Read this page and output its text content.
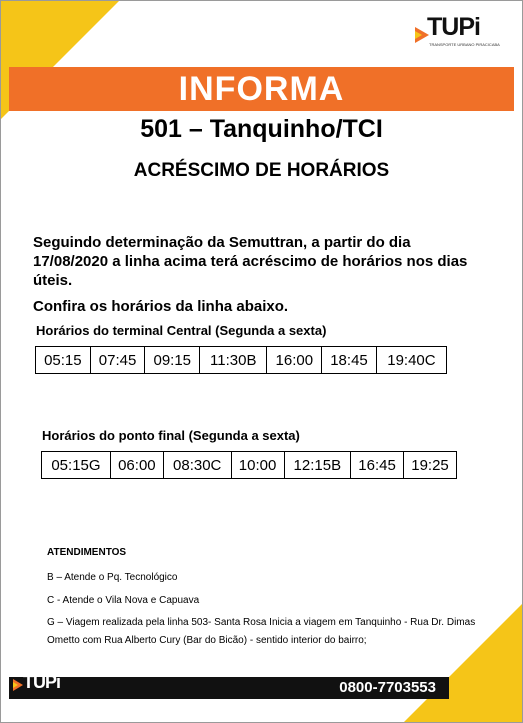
TUPi
TRANSPORTE URBANO PIRACICABA
INFORMA
501 – Tanquinho/TCI
ACRÉSCIMO DE HORÁRIOS
Seguindo determinação da Semuttran, a partir do dia 17/08/2020 a linha acima terá acréscimo de horários nos dias úteis.
Confira os horários da linha abaixo.
Horários do terminal Central (Segunda a sexta)
05:15	07:45	09:15	11:30B	16:00	18:45	19:40C
Horários do ponto final (Segunda a sexta)
05:15G	06:00	08:30C	10:00	12:15B	16:45	19:25
ATENDIMENTOS
B – Atende o Pq. Tecnológico
C - Atende o Vila Nova e Capuava
G – Viagem realizada pela linha 503- Santa Rosa Inicia a viagem em Tanquinho - Rua Dr. Dimas Ometto com Rua Alberto Cury (Bar do Bicão) - sentido interior do bairro;
TUPi	0800-7703553
